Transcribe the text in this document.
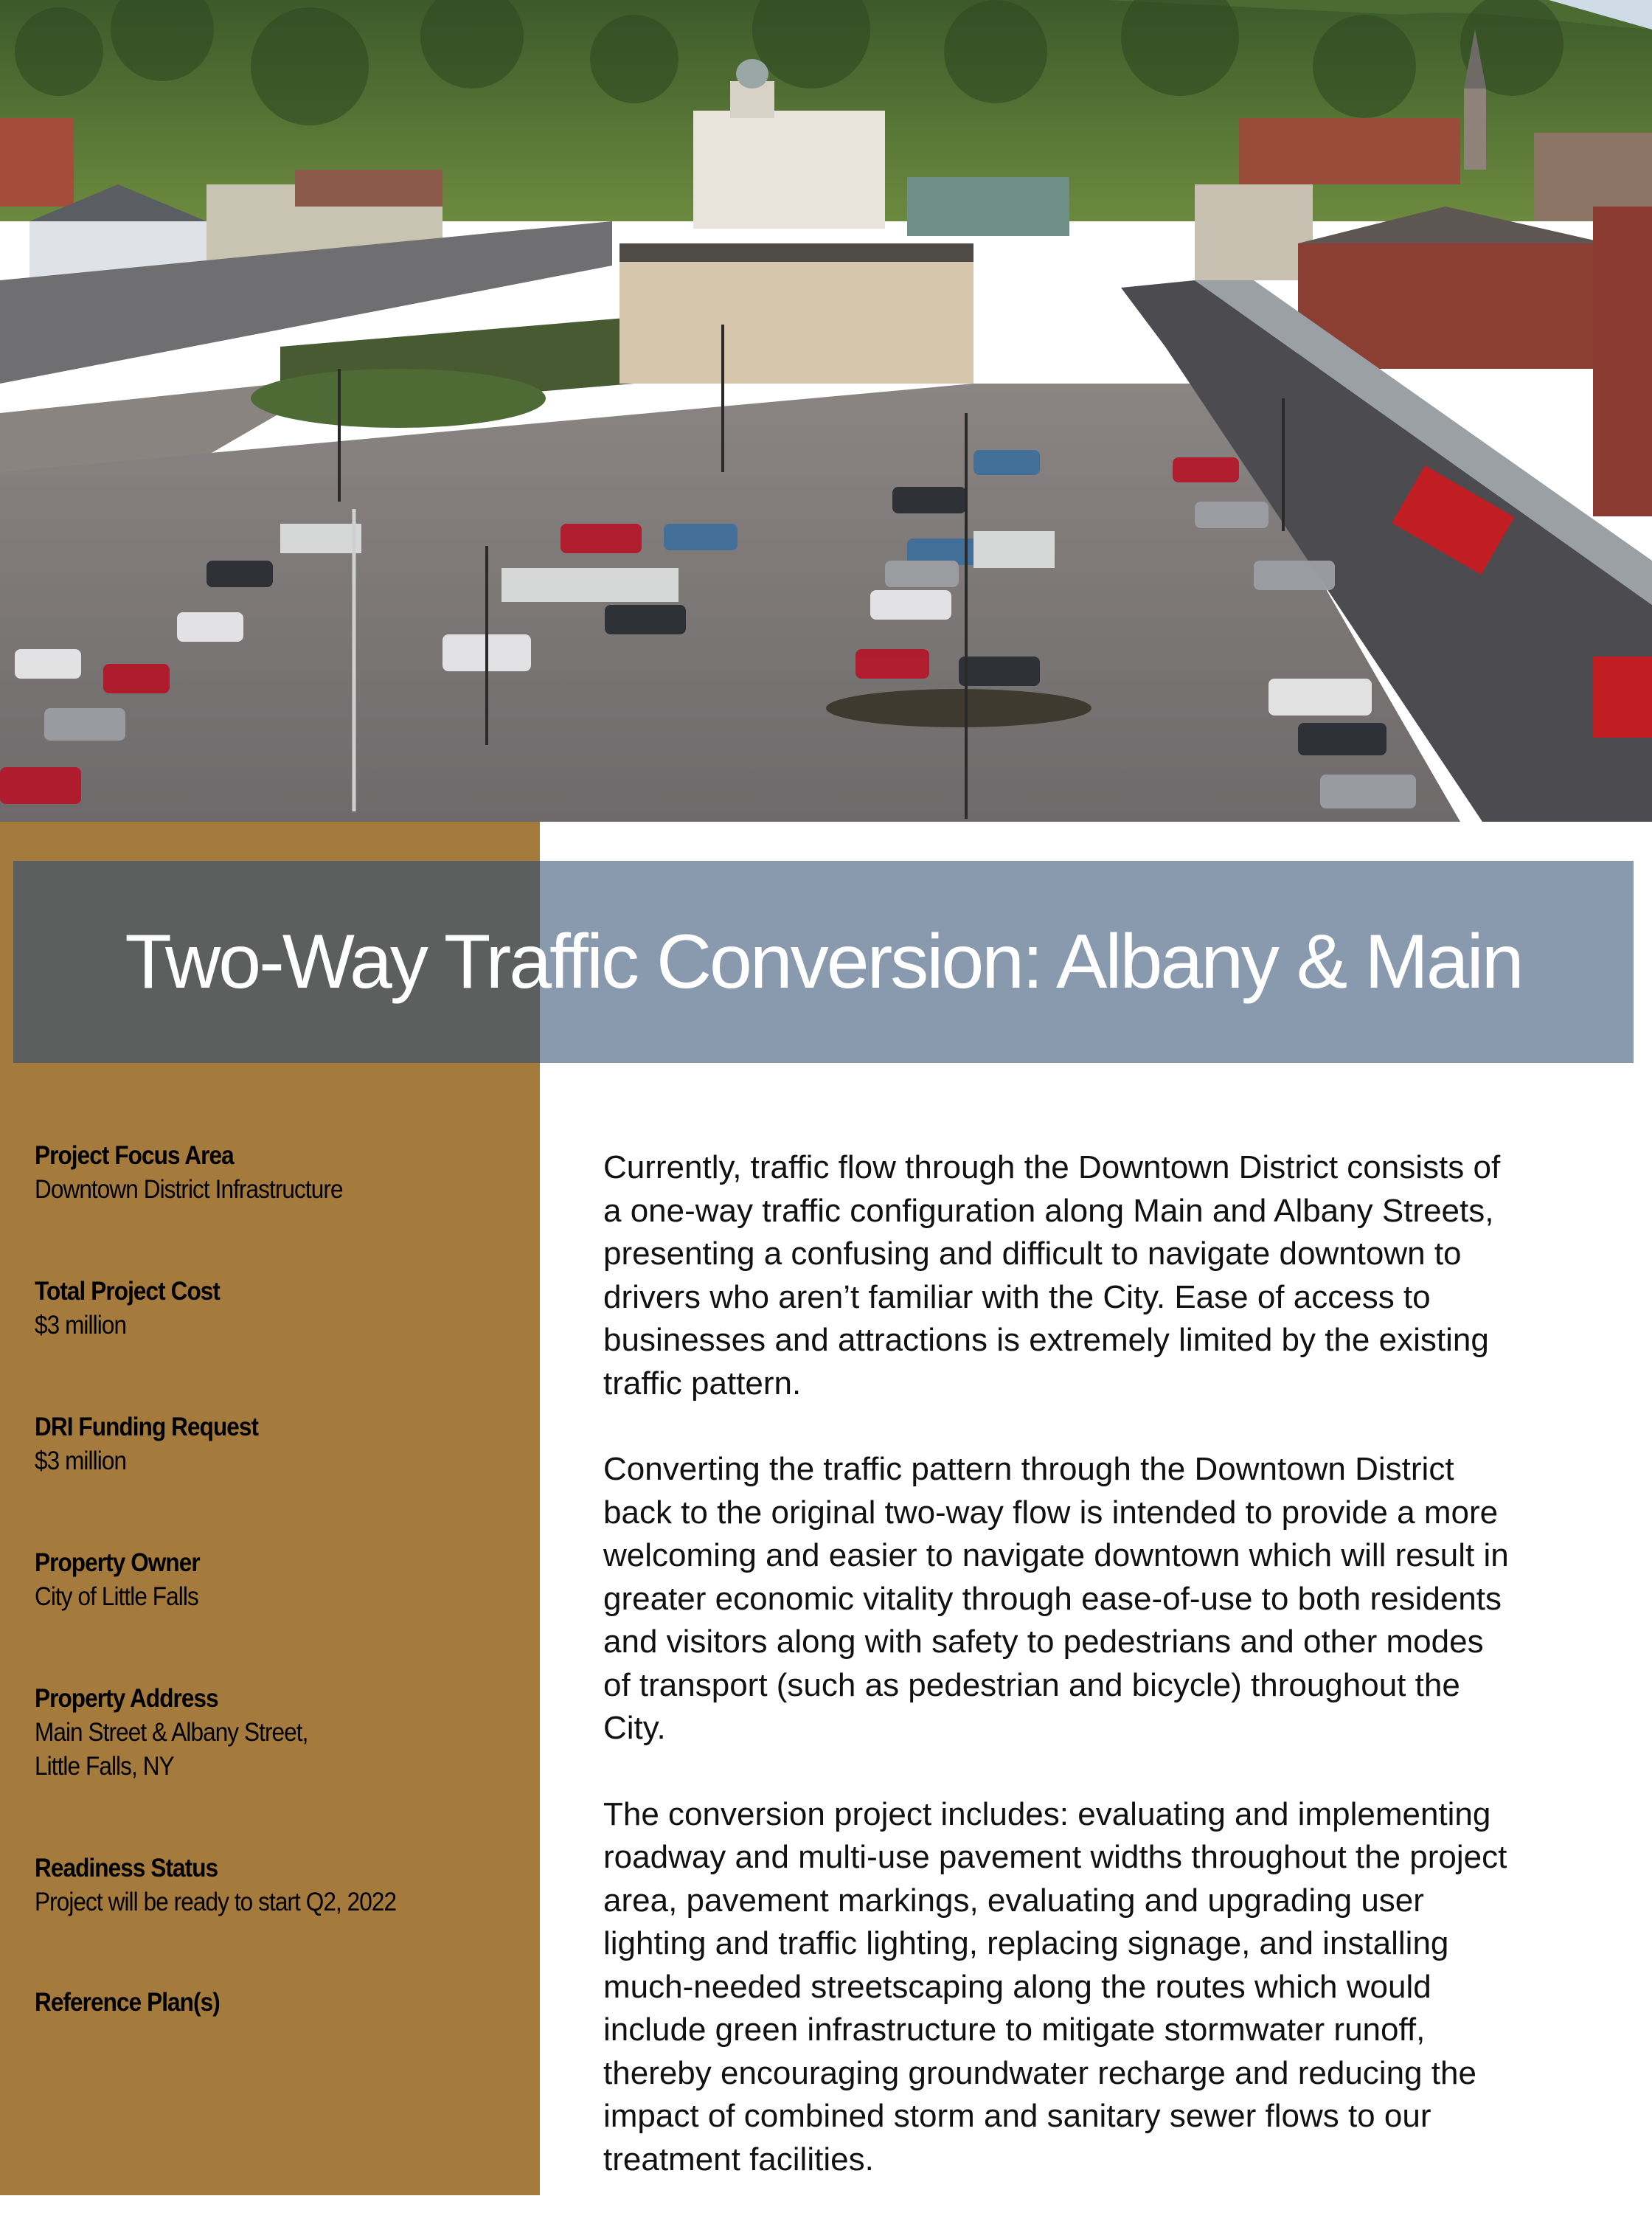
Two-Way Traffic Conversion: Albany & Main
Project Focus Area
Downtown District Infrastructure
Total Project Cost
$3 million
DRI Funding Request
$3 million
Property Owner
City of Little Falls
Property Address
Main Street & Albany Street,
Little Falls, NY
Readiness Status
Project will be ready to start Q2, 2022
Reference Plan(s)
Currently, traffic flow through the Downtown District consists of
a one-way traffic configuration along Main and Albany Streets,
presenting a confusing and difficult to navigate downtown to
drivers who aren’t familiar with the City. Ease of access to
businesses and attractions is extremely limited by the existing
traffic pattern.
Converting the traffic pattern through the Downtown District
back to the original two-way flow is intended to provide a more
welcoming and easier to navigate downtown which will result in
greater economic vitality through ease-of-use to both residents
and visitors along with safety to pedestrians and other modes
of transport (such as pedestrian and bicycle) throughout the
City.
The conversion project includes: evaluating and implementing
roadway and multi-use pavement widths throughout the project
area, pavement markings, evaluating and upgrading user
lighting and traffic lighting, replacing signage, and installing
much-needed streetscaping along the routes which would
include green infrastructure to mitigate stormwater runoff,
thereby encouraging groundwater recharge and reducing the
impact of combined storm and sanitary sewer flows to our
treatment facilities.
